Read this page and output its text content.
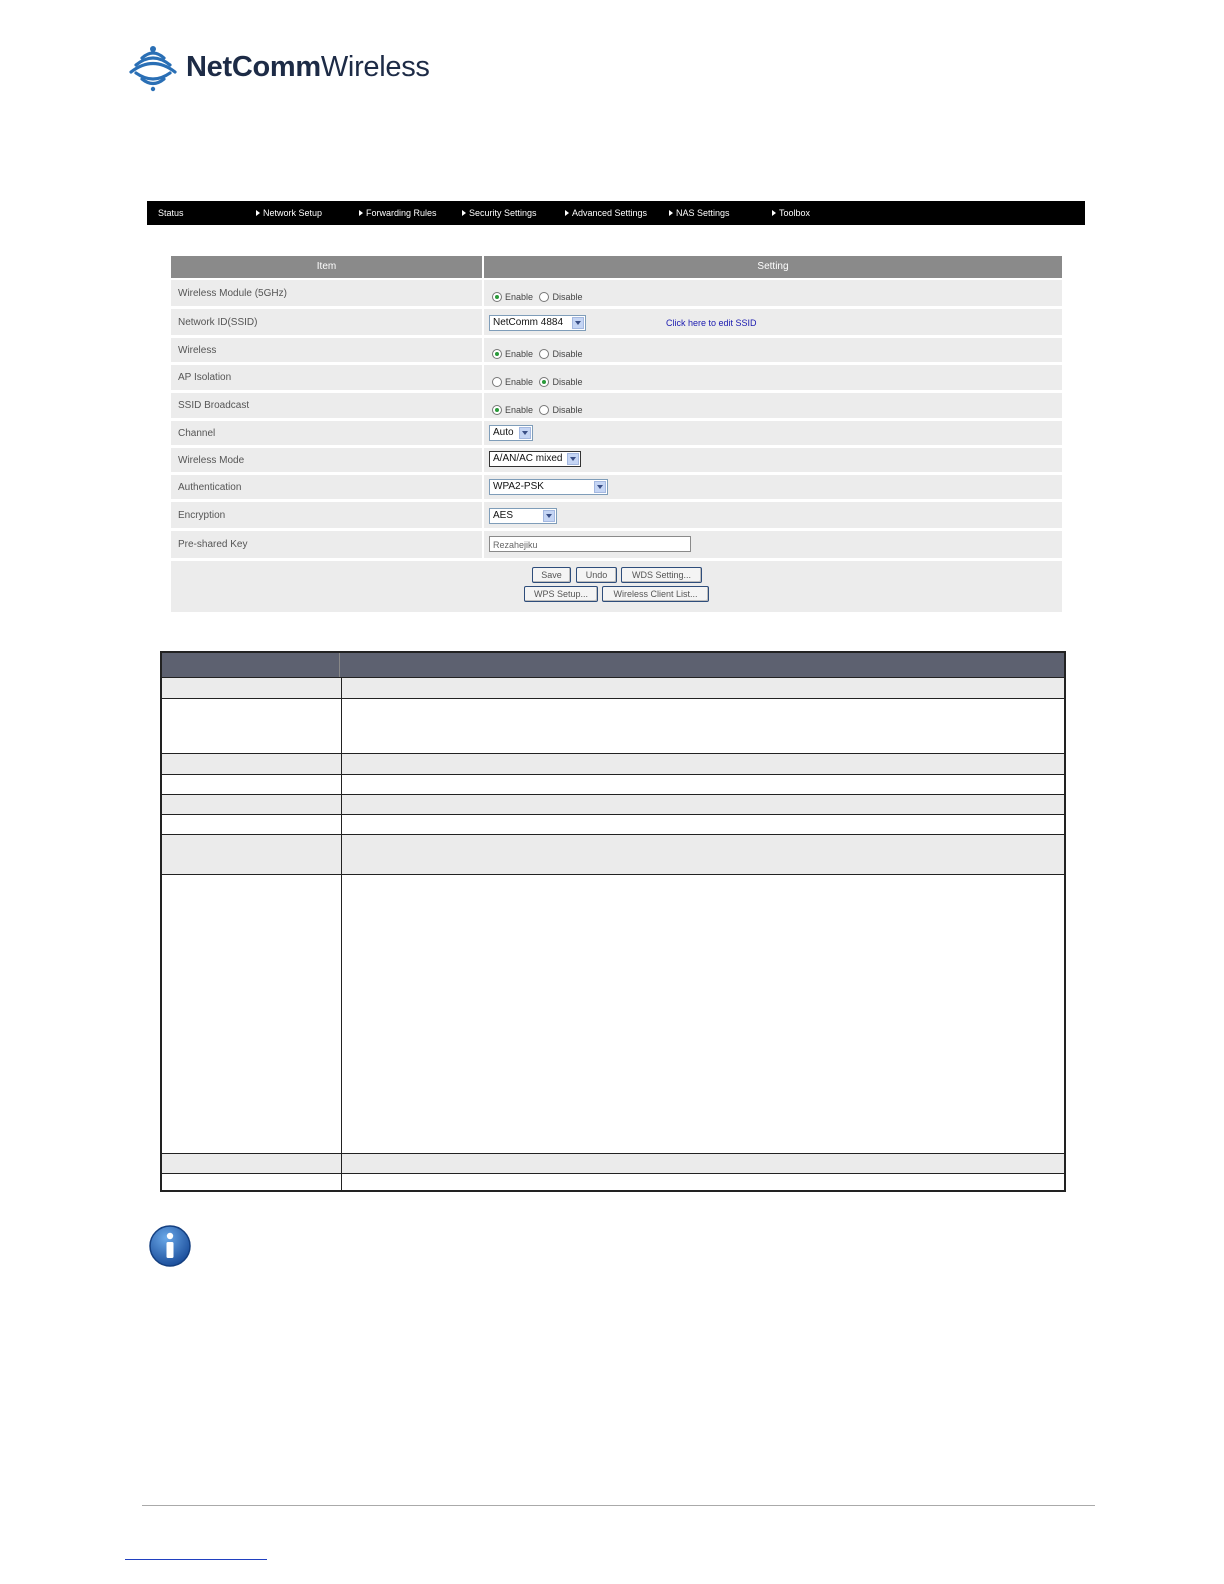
NetCommWireless
Status	Network Setup	Forwarding Rules	Security Settings	Advanced Settings	NAS Settings	Toolbox
Item	Setting
Wireless Module (5GHz)	Enable Disable
Network ID(SSID)	NetComm 4884	Click here to edit SSID
Wireless	Enable Disable
AP Isolation	Enable Disable
SSID Broadcast	Enable Disable
Channel	Auto
Wireless Mode	A/AN/AC mixed
Authentication	WPA2-PSK
Encryption	AES
Pre-shared Key	Rezahejiku
Save	Undo	WDS Setting...
WPS Setup...	Wireless Client List...
